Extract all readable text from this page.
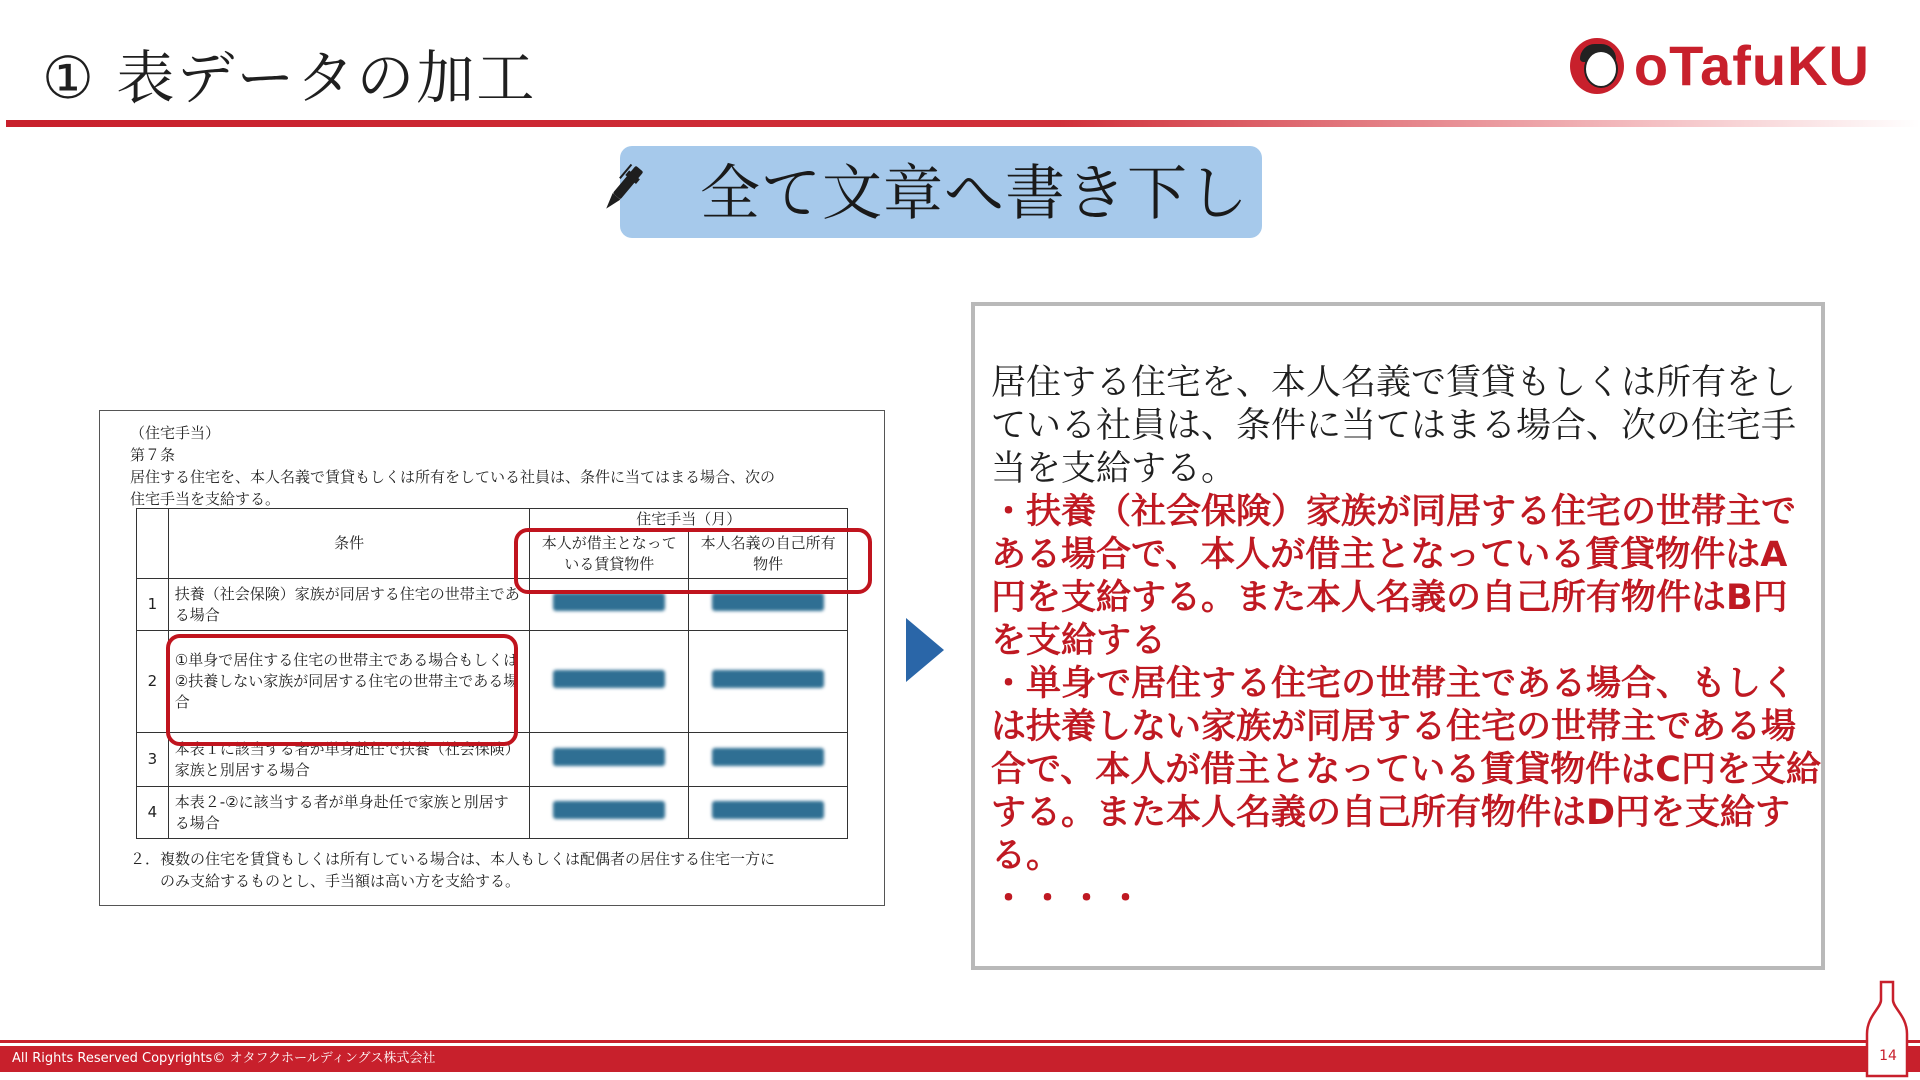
① 表データの加工	oTafuKU
全て文章へ書き下し
（住宅手当）
第７条
居住する住宅を、本人名義で賃貸もしくは所有をしている社員は、条件に当てはまる場合、次の
住宅手当を支給する。
	条件	住宅手当（月）	
		本人が借主となっている賃貸物件	本人名義の自己所有物件
1	扶養（社会保険）家族が同居する住宅の世帯主である場合		
2	①単身で居住する住宅の世帯主である場合もしくは②扶養しない家族が同居する住宅の世帯主である場合		
3	本表１に該当する者が単身赴任で扶養（社会保険）家族と別居する場合		
4	本表２-②に該当する者が単身赴任で家族と別居する場合		
２．複数の住宅を賃貸もしくは所有している場合は、本人もしくは配偶者の居住する住宅一方に
のみ支給するものとし、手当額は高い方を支給する。

居住する住宅を、本人名義で賃貸もしくは所有をしている社員は、条件に当てはまる場合、次の住宅手当を支給する。

・扶養（社会保険）家族が同居する住宅の世帯主である場合で、本人が借主となっている賃貸物件はA円を支給する。また本人名義の自己所有物件はB円を支給する

・単身で居住する住宅の世帯主である場合、もしくは扶養しない家族が同居する住宅の世帯主である場合で、本人が借主となっている賃貸物件はC円を支給する。また本人名義の自己所有物件はD円を支給する。

・・・・

All Rights Reserved Copyrights© オタフクホールディングス株式会社	14
